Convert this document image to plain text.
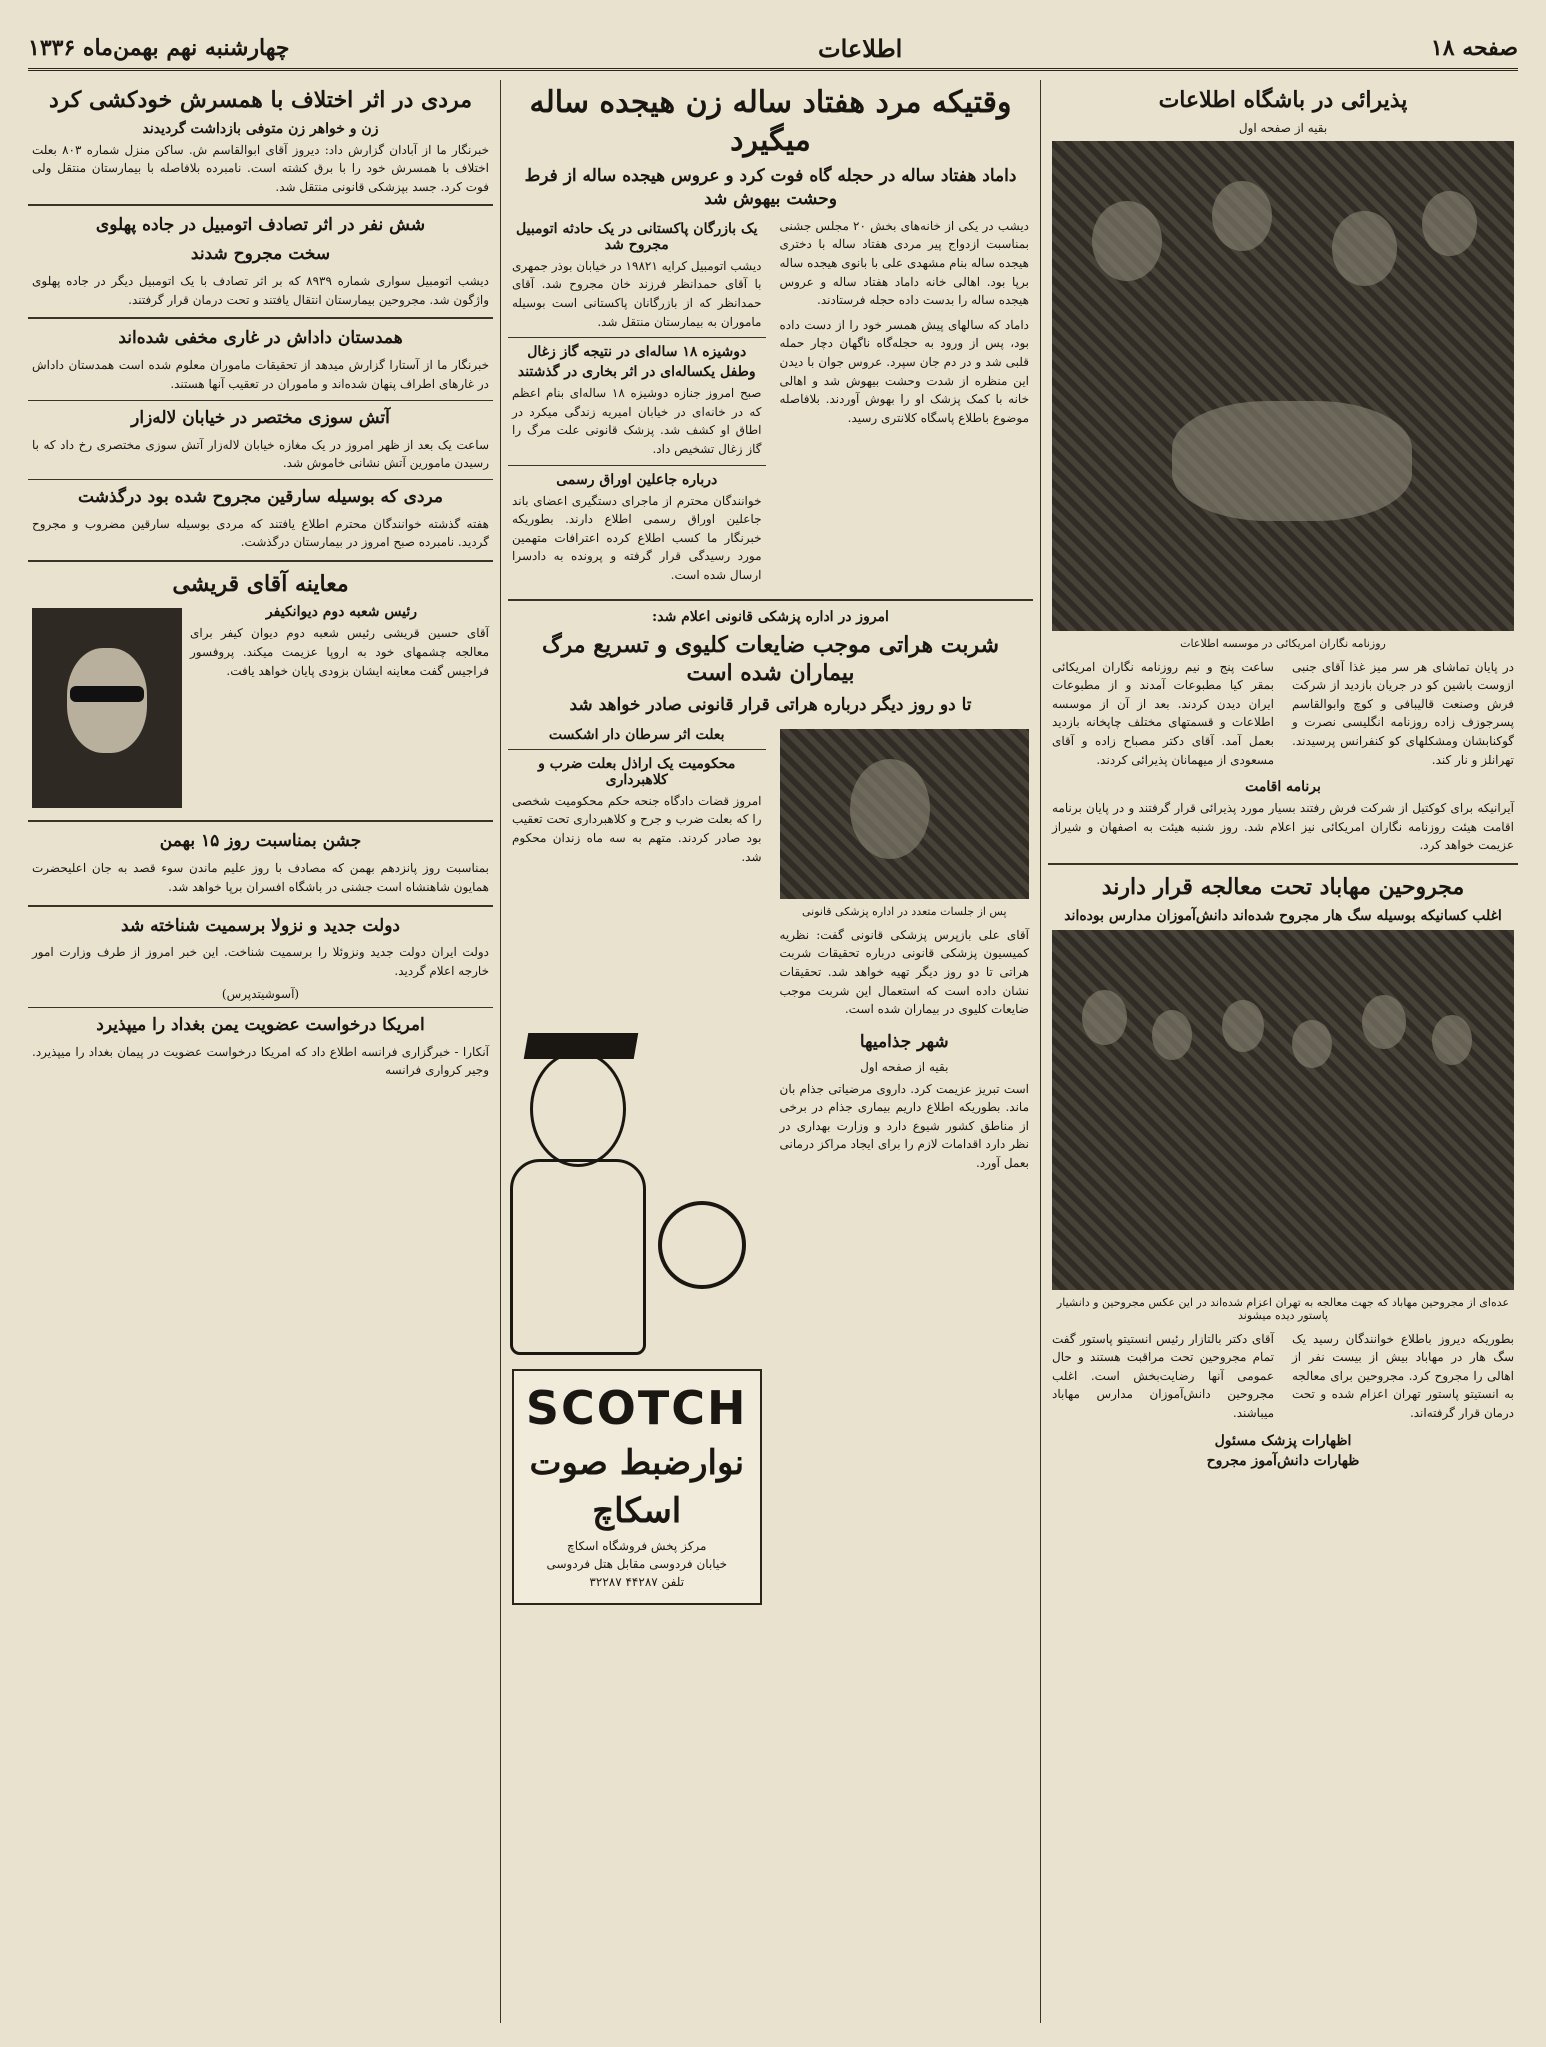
صفحه ۱۸
اطلاعات
چهارشنبه نهم بهمن‌ماه ۱۳۳۶
پذیرائی در باشگاه اطلاعات
بقیه از صفحه اول
روزنامه نگاران امریکائی در موسسه اطلاعات

در پایان تماشای هر سر میز غذا آقای جنبی ازوست باشین کو در جریان بازدید از شرکت فرش وصنعت قالیبافی و کوچ وابوالقاسم پسرجوزف زاده روزنامه انگلیسی نصرت و گوکنابشان ومشکلهای کو کنفرانس پرسیدند. تهرانلز و نار کند.

ساعت پنج و نیم روزنامه نگاران امریکائی بمقر کیا مطبوعات آمدند و از مطبوعات ایران دیدن کردند. بعد از آن از موسسه اطلاعات و قسمتهای مختلف چاپخانه بازدید بعمل آمد. آقای دکتر مصباح زاده و آقای مسعودی از میهمانان پذیرائی کردند.

برنامه اقامت

آیرانیکه برای کوکتیل از شرکت فرش رفتند بسیار مورد پذیرائی قرار گرفتند و در پایان برنامه اقامت هیئت روزنامه نگاران امریکائی نیز اعلام شد. روز شنبه هیئت به اصفهان و شیراز عزیمت خواهد کرد.

مجروحین مهاباد تحت معالجه قرار دارند
اغلب کسانیکه بوسیله سگ هار مجروح شده‌اند دانش‌آموزان مدارس بوده‌اند
عده‌ای از مجروحین مهاباد که جهت معالجه به تهران اعزام شده‌اند در این عکس مجروحین و دانشیار پاستور دیده میشوند

بطوریکه دیروز باطلاع خوانندگان رسید یک سگ هار در مهاباد بیش از بیست نفر از اهالی را مجروح کرد. مجروحین برای معالجه به انستیتو پاستور تهران اعزام شده و تحت درمان قرار گرفته‌اند.

آقای دکتر بالتازار رئیس انستیتو پاستور گفت تمام مجروحین تحت مراقبت هستند و حال عمومی آنها رضایت‌بخش است. اغلب مجروحین دانش‌آموزان مدارس مهاباد میباشند.

اظهارات پزشک مسئول
ظهارات دانش‌آموز مجروح
وقتیکه مرد هفتاد ساله زن هیجده ساله میگیرد
داماد هفتاد ساله در حجله گاه فوت کرد و عروس هیجده ساله از فرط وحشت بیهوش شد

دیشب در یکی از خانه‌های بخش ۲۰ مجلس جشنی بمناسبت ازدواج پیر مردی هفتاد ساله با دختری هیجده ساله بنام مشهدی علی با بانوی هیجده ساله برپا بود. اهالی خانه داماد هفتاد ساله و عروس هیجده ساله را بدست داده حجله فرستادند.

داماد که سالهای پیش همسر خود را از دست داده بود، پس از ورود به حجله‌گاه ناگهان دچار حمله قلبی شد و در دم جان سپرد. عروس جوان با دیدن این منظره از شدت وحشت بیهوش شد و اهالی خانه با کمک پزشک او را بهوش آوردند. بلافاصله موضوع باطلاع پاسگاه کلانتری رسید.

یک بازرگان پاکستانی در یک حادثه اتومبیل مجروح شد

دیشب اتومبیل کرایه ۱۹۸۲۱ در خیابان بوذر جمهری با آقای حمدانظر فرزند خان مجروح شد. آقای حمدانظر که از بازرگانان پاکستانی است بوسیله ماموران به بیمارستان منتقل شد.

دوشیزه ۱۸ ساله‌ای در نتیجه گاز زغال
وطفل یکساله‌ای در اثر بخاری در گذشتند

صبح امروز جنازه دوشیزه ۱۸ ساله‌ای بنام اعظم که در خانه‌ای در خیابان امیریه زندگی میکرد در اطاق او کشف شد. پزشک قانونی علت مرگ را گاز زغال تشخیص داد.

درباره جاعلین اوراق رسمی

خوانندگان محترم از ماجرای دستگیری اعضای باند جاعلین اوراق رسمی اطلاع دارند. بطوریکه خبرنگار ما کسب اطلاع کرده اعترافات متهمین مورد رسیدگی قرار گرفته و پرونده به دادسرا ارسال شده است.

امروز در اداره پزشکی قانونی اعلام شد:
شربت هراتی موجب ضایعات کلیوی و تسریع مرگ بیماران شده است
تا دو روز دیگر درباره هراتی قرار قانونی صادر خواهد شد
پس از جلسات متعدد در اداره پزشکی قانونی

آقای علی بازپرس پزشکی قانونی گفت: نظریه کمیسیون پزشکی قانونی درباره تحقیقات شربت هراتی تا دو روز دیگر تهیه خواهد شد. تحقیقات نشان داده است که استعمال این شربت موجب ضایعات کلیوی در بیماران شده است.

بعلت اثر سرطان دار اشکست
محکومیت یک اراذل بعلت ضرب و کلاهبرداری

امروز قضات دادگاه جنحه حکم محکومیت شخصی را که بعلت ضرب و جرح و کلاهبرداری تحت تعقیب بود صادر کردند. متهم به سه ماه زندان محکوم شد.

شهر جذامیها
بقیه از صفحه اول

است تبریز عزیمت کرد. داروی مرضیاتی جذام بان ماند. بطوریکه اطلاع داریم بیماری جذام در برخی از مناطق کشور شیوع دارد و وزارت بهداری در نظر دارد اقدامات لازم را برای ایجاد مراکز درمانی بعمل آورد.

SCOTCH
نوارضبط صوت
اسکاچ
مرکز پخش فروشگاه اسکاچ
خیابان فردوسی مقابل هتل فردوسی
تلفن ۴۴۲۸۷ ۳۲۲۸۷
مردی در اثر اختلاف با همسرش خودکشی کرد
زن و خواهر زن متوفی بازداشت گردیدند

خبرنگار ما از آبادان گزارش داد: دیروز آقای ابوالقاسم ش. ساکن منزل شماره ۸۰۳ بعلت اختلاف با همسرش خود را با برق کشته است. نامبرده بلافاصله با بیمارستان منتقل ولی فوت کرد. جسد بپزشکی قانونی منتقل شد.

شش نفر در اثر تصادف اتومبیل در جاده پهلوی
سخت مجروح شدند

دیشب اتومبیل سواری شماره ۸۹۳۹ که بر اثر تصادف با یک اتومبیل دیگر در جاده پهلوی واژگون شد. مجروحین بیمارستان انتقال یافتند و تحت درمان قرار گرفتند.

همدستان داداش در غاری مخفی شده‌اند

خبرنگار ما از آستارا گزارش میدهد از تحقیقات ماموران معلوم شده است همدستان داداش در غارهای اطراف پنهان شده‌اند و ماموران در تعقیب آنها هستند.

آتش سوزی مختصر در خیابان لاله‌زار

ساعت یک بعد از ظهر امروز در یک مغازه خیابان لاله‌زار آتش سوزی مختصری رخ داد که با رسیدن مامورین آتش نشانی خاموش شد.

مردی که بوسیله سارقین مجروح شده بود درگذشت

هفته گذشته خوانندگان محترم اطلاع یافتند که مردی بوسیله سارقین مضروب و مجروح گردید. نامبرده صبح امروز در بیمارستان درگذشت.

معاینه آقای قریشی
رئیس شعبه دوم دیوانکیفر

آقای حسین قریشی رئیس شعبه دوم دیوان کیفر برای معالجه چشمهای خود به اروپا عزیمت میکند. پروفسور فراجیس گفت معاینه ایشان بزودی پایان خواهد یافت.

جشن بمناسبت روز ۱۵ بهمن

بمناسبت روز پانزدهم بهمن که مصادف با روز علیم ماندن سوء قصد به جان اعلیحضرت همایون شاهنشاه است جشنی در باشگاه افسران برپا خواهد شد.

دولت جدید و نزولا برسمیت شناخته شد

دولت ایران دولت جدید ونزوئلا را برسمیت شناخت. این خبر امروز از طرف وزارت امور خارجه اعلام گردید.

(آسوشیتدپرس)
امریکا درخواست عضویت یمن بغداد را میپذیرد

آنکارا - خبرگزاری فرانسه اطلاع داد که امریکا درخواست عضویت در پیمان بغداد را میپذیرد. وجیر کرواری فرانسه
